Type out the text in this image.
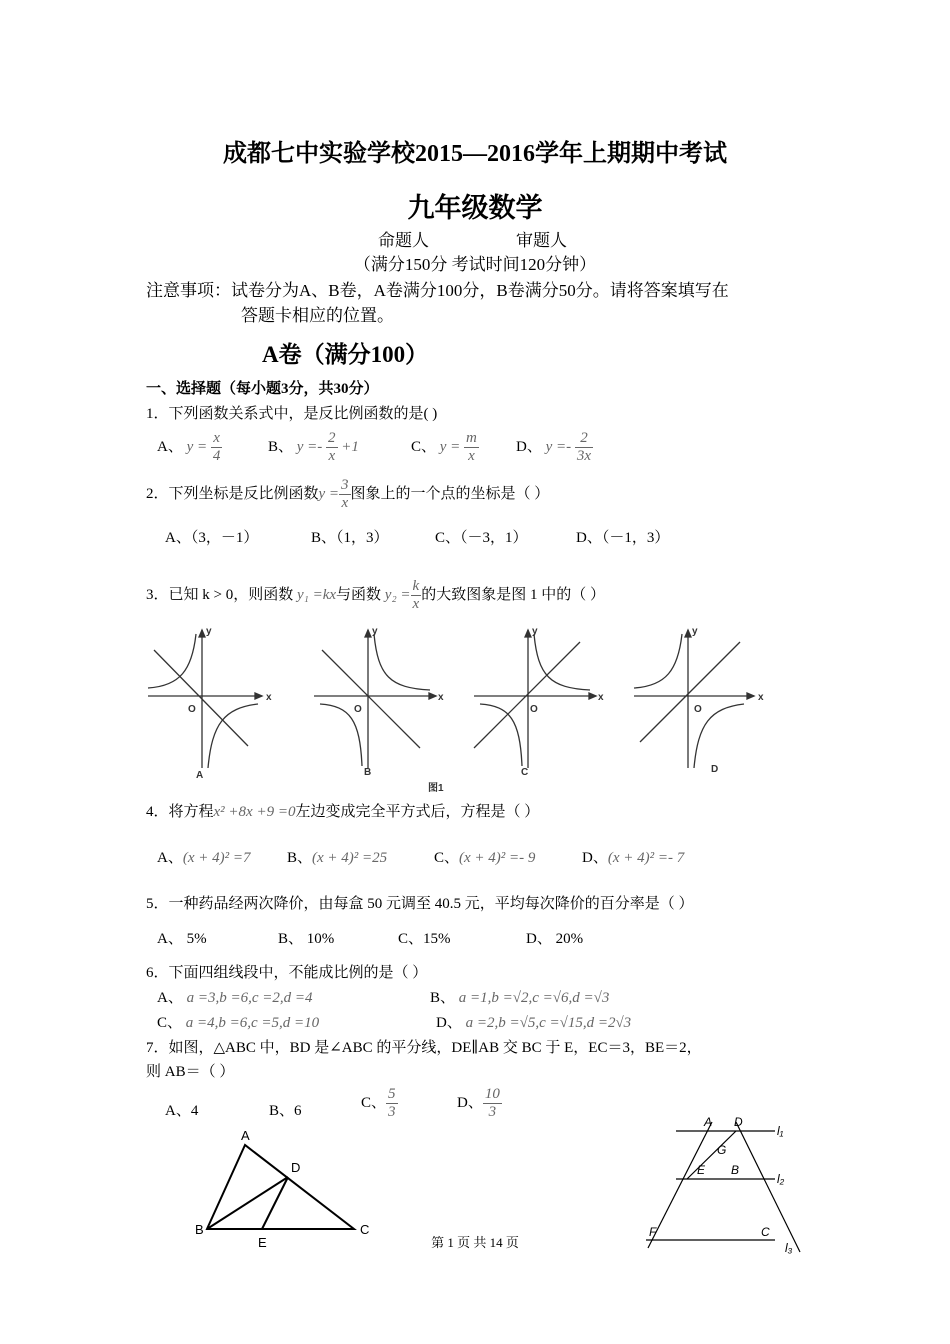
成都七中实验学校2015—2016学年上期期中考试
九年级数学
命题人	审题人
（满分150分 考试时间120分钟）
注意事项：试卷分为A、B卷，A卷满分100分，B卷满分50分。请将答案填写在
答题卡相应的位置。
A卷（满分100）
一、选择题（每小题3分，共30分）
1．下列函数关系式中，是反比例函数的是( )
A、 $y = \frac{x}{4}$	B、 $y =- \frac{2}{x} +1$	C、 $y = \frac{m}{x}$ D、 $y =- \frac{2}{3x}$
2．下列坐标是反比例函数$y = \frac{3}{x}$ 图象上的一个点的坐标是（ ）
A、（3，－1）	B、（1，3）	C、（－3，1）	D、（－1，3）
3．已知 k > 0，则函数 y₁ =kx与函数 $y_2 = \frac{k}{x}$ 的大致图象是图 1 中的（ ）
y
x
O
A
y
x
O
B
y
x
O
C
y
x
O
D
图1
4．将方程x² +8x +9 =0左边变成完全平方式后，方程是（ ）
A、(x + 4)² =7 B、(x + 4)² =25	C、(x + 4)² =- 9	D、(x + 4)² =- 7
5．一种药品经两次降价，由每盒 50 元调至 40.5 元，平均每次降价的百分率是（ ）
A、 5%	B、 10%	C、15%	D、 20%
6．下面四组线段中，不能成比例的是（ ）
A、 a =3,b =6,c =2,d =4	B、 a =1,b =√2,c =√6,d =√3
C、 a =4,b =6,c =5,d =10	D、 a =2,b =√5,c =√15,d =2√3
7．如图，△ABC 中，BD 是∠ABC 的平分线，DE∥AB 交 BC 于 E，EC＝3，BE＝2，
则 AB＝（ ）
A、4	B、6
C、 $\frac{5}{3}$	D、 $\frac{10}{3}$
A
B	C
D
E
A D
G
E B
F	C
l₁
l₂
l₃
第 1 页 共 14 页
